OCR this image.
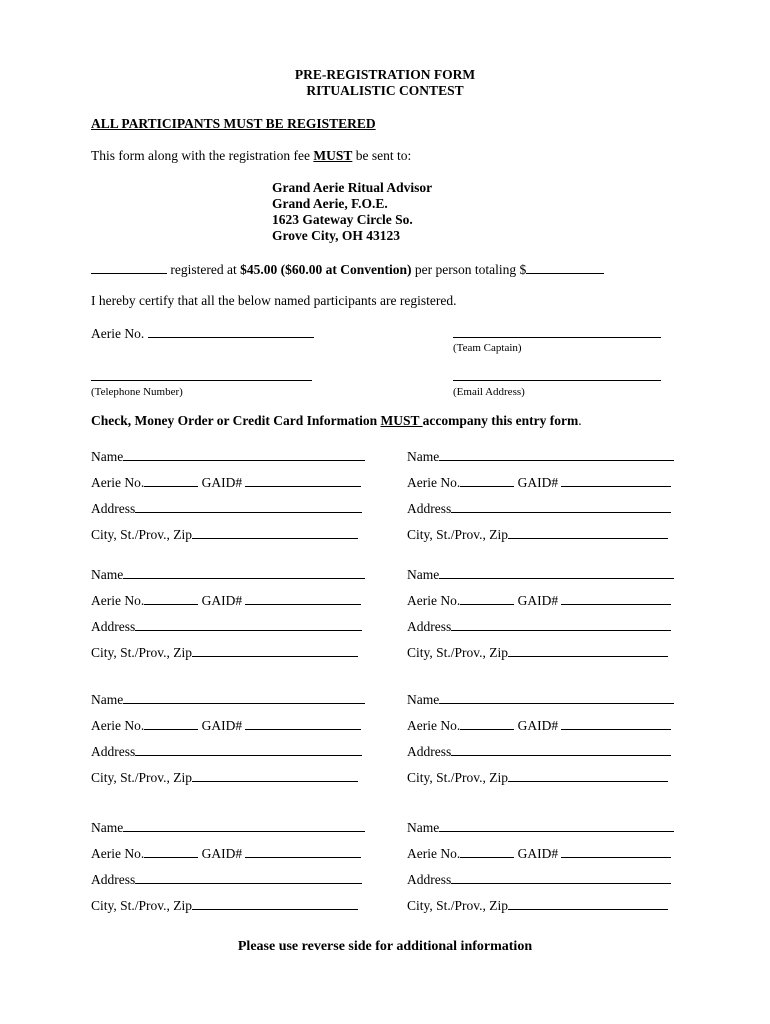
PRE-REGISTRATION FORM
RITUALISTIC CONTEST
ALL PARTICIPANTS MUST BE REGISTERED
This form along with the registration fee MUST be sent to:
Grand Aerie Ritual Advisor
Grand Aerie, F.O.E.
1623 Gateway Circle So.
Grove City, OH 43123
registered at $45.00 ($60.00 at Convention) per person totaling $
I hereby certify that all the below named participants are registered.
Aerie No.
(Team Captain)
(Telephone Number)	(Email Address)
Check, Money Order or Credit Card Information MUST accompany this entry form.
Name
Aerie No.	GAID#
Address
City, St./Prov., Zip
Name
Aerie No.	GAID#
Address
City, St./Prov., Zip
Name
Aerie No.	GAID#
Address
City, St./Prov., Zip
Name
Aerie No.	GAID#
Address
City, St./Prov., Zip
Name
Aerie No.	GAID#
Address
City, St./Prov., Zip
Name
Aerie No.	GAID#
Address
City, St./Prov., Zip
Name
Aerie No.	GAID#
Address
City, St./Prov., Zip
Name
Aerie No.	GAID#
Address
City, St./Prov., Zip
Please use reverse side for additional information
